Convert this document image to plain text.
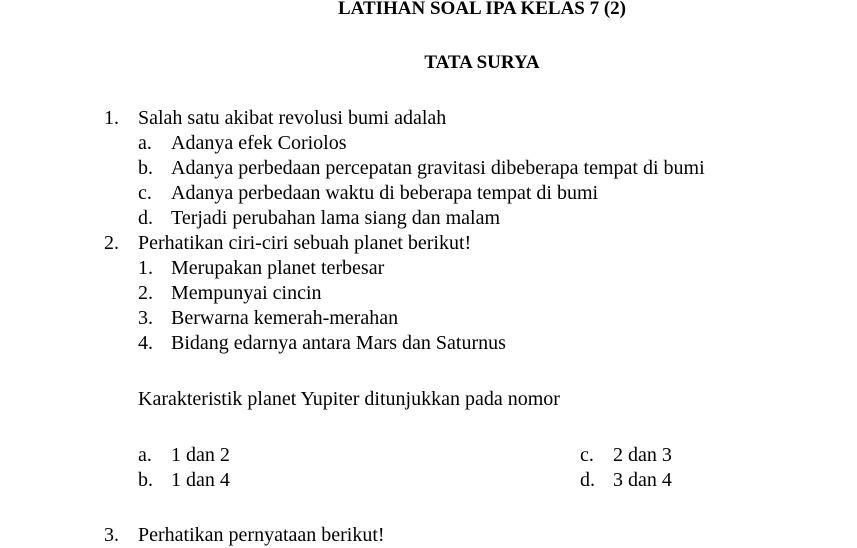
LATIHAN SOAL IPA KELAS 7 (2)
TATA SURYA
1. Salah satu akibat revolusi bumi adalah
a. Adanya efek Coriolos
b. Adanya perbedaan percepatan gravitasi dibeberapa tempat di bumi
c. Adanya perbedaan waktu di beberapa tempat di bumi
d. Terjadi perubahan lama siang dan malam
2. Perhatikan ciri-ciri sebuah planet berikut!
1. Merupakan planet terbesar
2. Mempunyai cincin
3. Berwarna kemerah-merahan
4. Bidang edarnya antara Mars dan Saturnus
Karakteristik planet Yupiter ditunjukkan pada nomor
a. 1 dan 2
b. 1 dan 4
c. 2 dan 3
d. 3 dan 4
3. Perhatikan pernyataan berikut!
